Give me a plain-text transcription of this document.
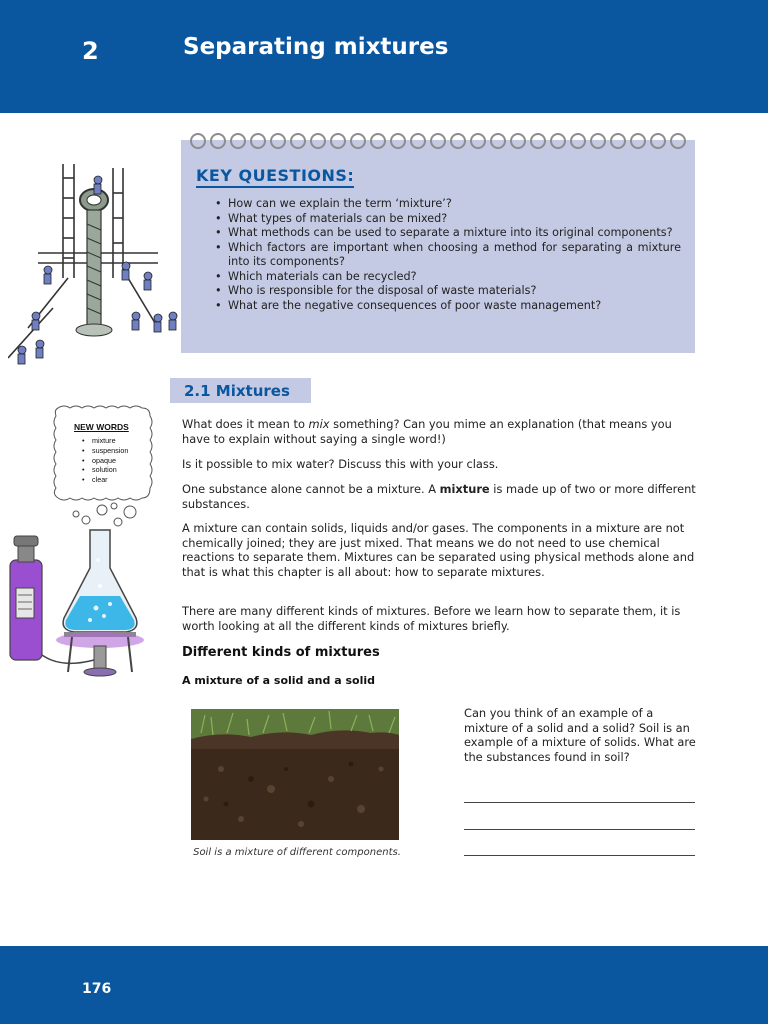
2	Separating mixtures
KEY QUESTIONS:
• How can we explain the term ‘mixture’?
• What types of materials can be mixed?
• What methods can be used to separate a mixture into its original components?
• Which factors are important when choosing a method for separating a mixture into its components?
• Which materials can be recycled?
• Who is responsible for the disposal of waste materials?
• What are the negative consequences of poor waste management?
2.1 Mixtures
NEW WORDS
• mixture
• suspension
• opaque
• solution
• clear

What does it mean to mix something? Can you mime an explanation (that means you have to explain without saying a single word!)

Is it possible to mix water? Discuss this with your class.

One substance alone cannot be a mixture. A mixture is made up of two or more different substances.

A mixture can contain solids, liquids and/or gases. The components in a mixture are not chemically joined; they are just mixed. That means we do not need to use chemical reactions to separate them. Mixtures can be separated using physical methods alone and that is what this chapter is all about: how to separate mixtures.

There are many different kinds of mixtures. Before we learn how to separate them, it is worth looking at all the different kinds of mixtures briefly.

Different kinds of mixtures
A mixture of a solid and a solid
Soil is a mixture of different components.
Can you think of an example of a mixture of a solid and a solid? Soil is an example of a mixture of solids. What are the substances found in soil?
176
